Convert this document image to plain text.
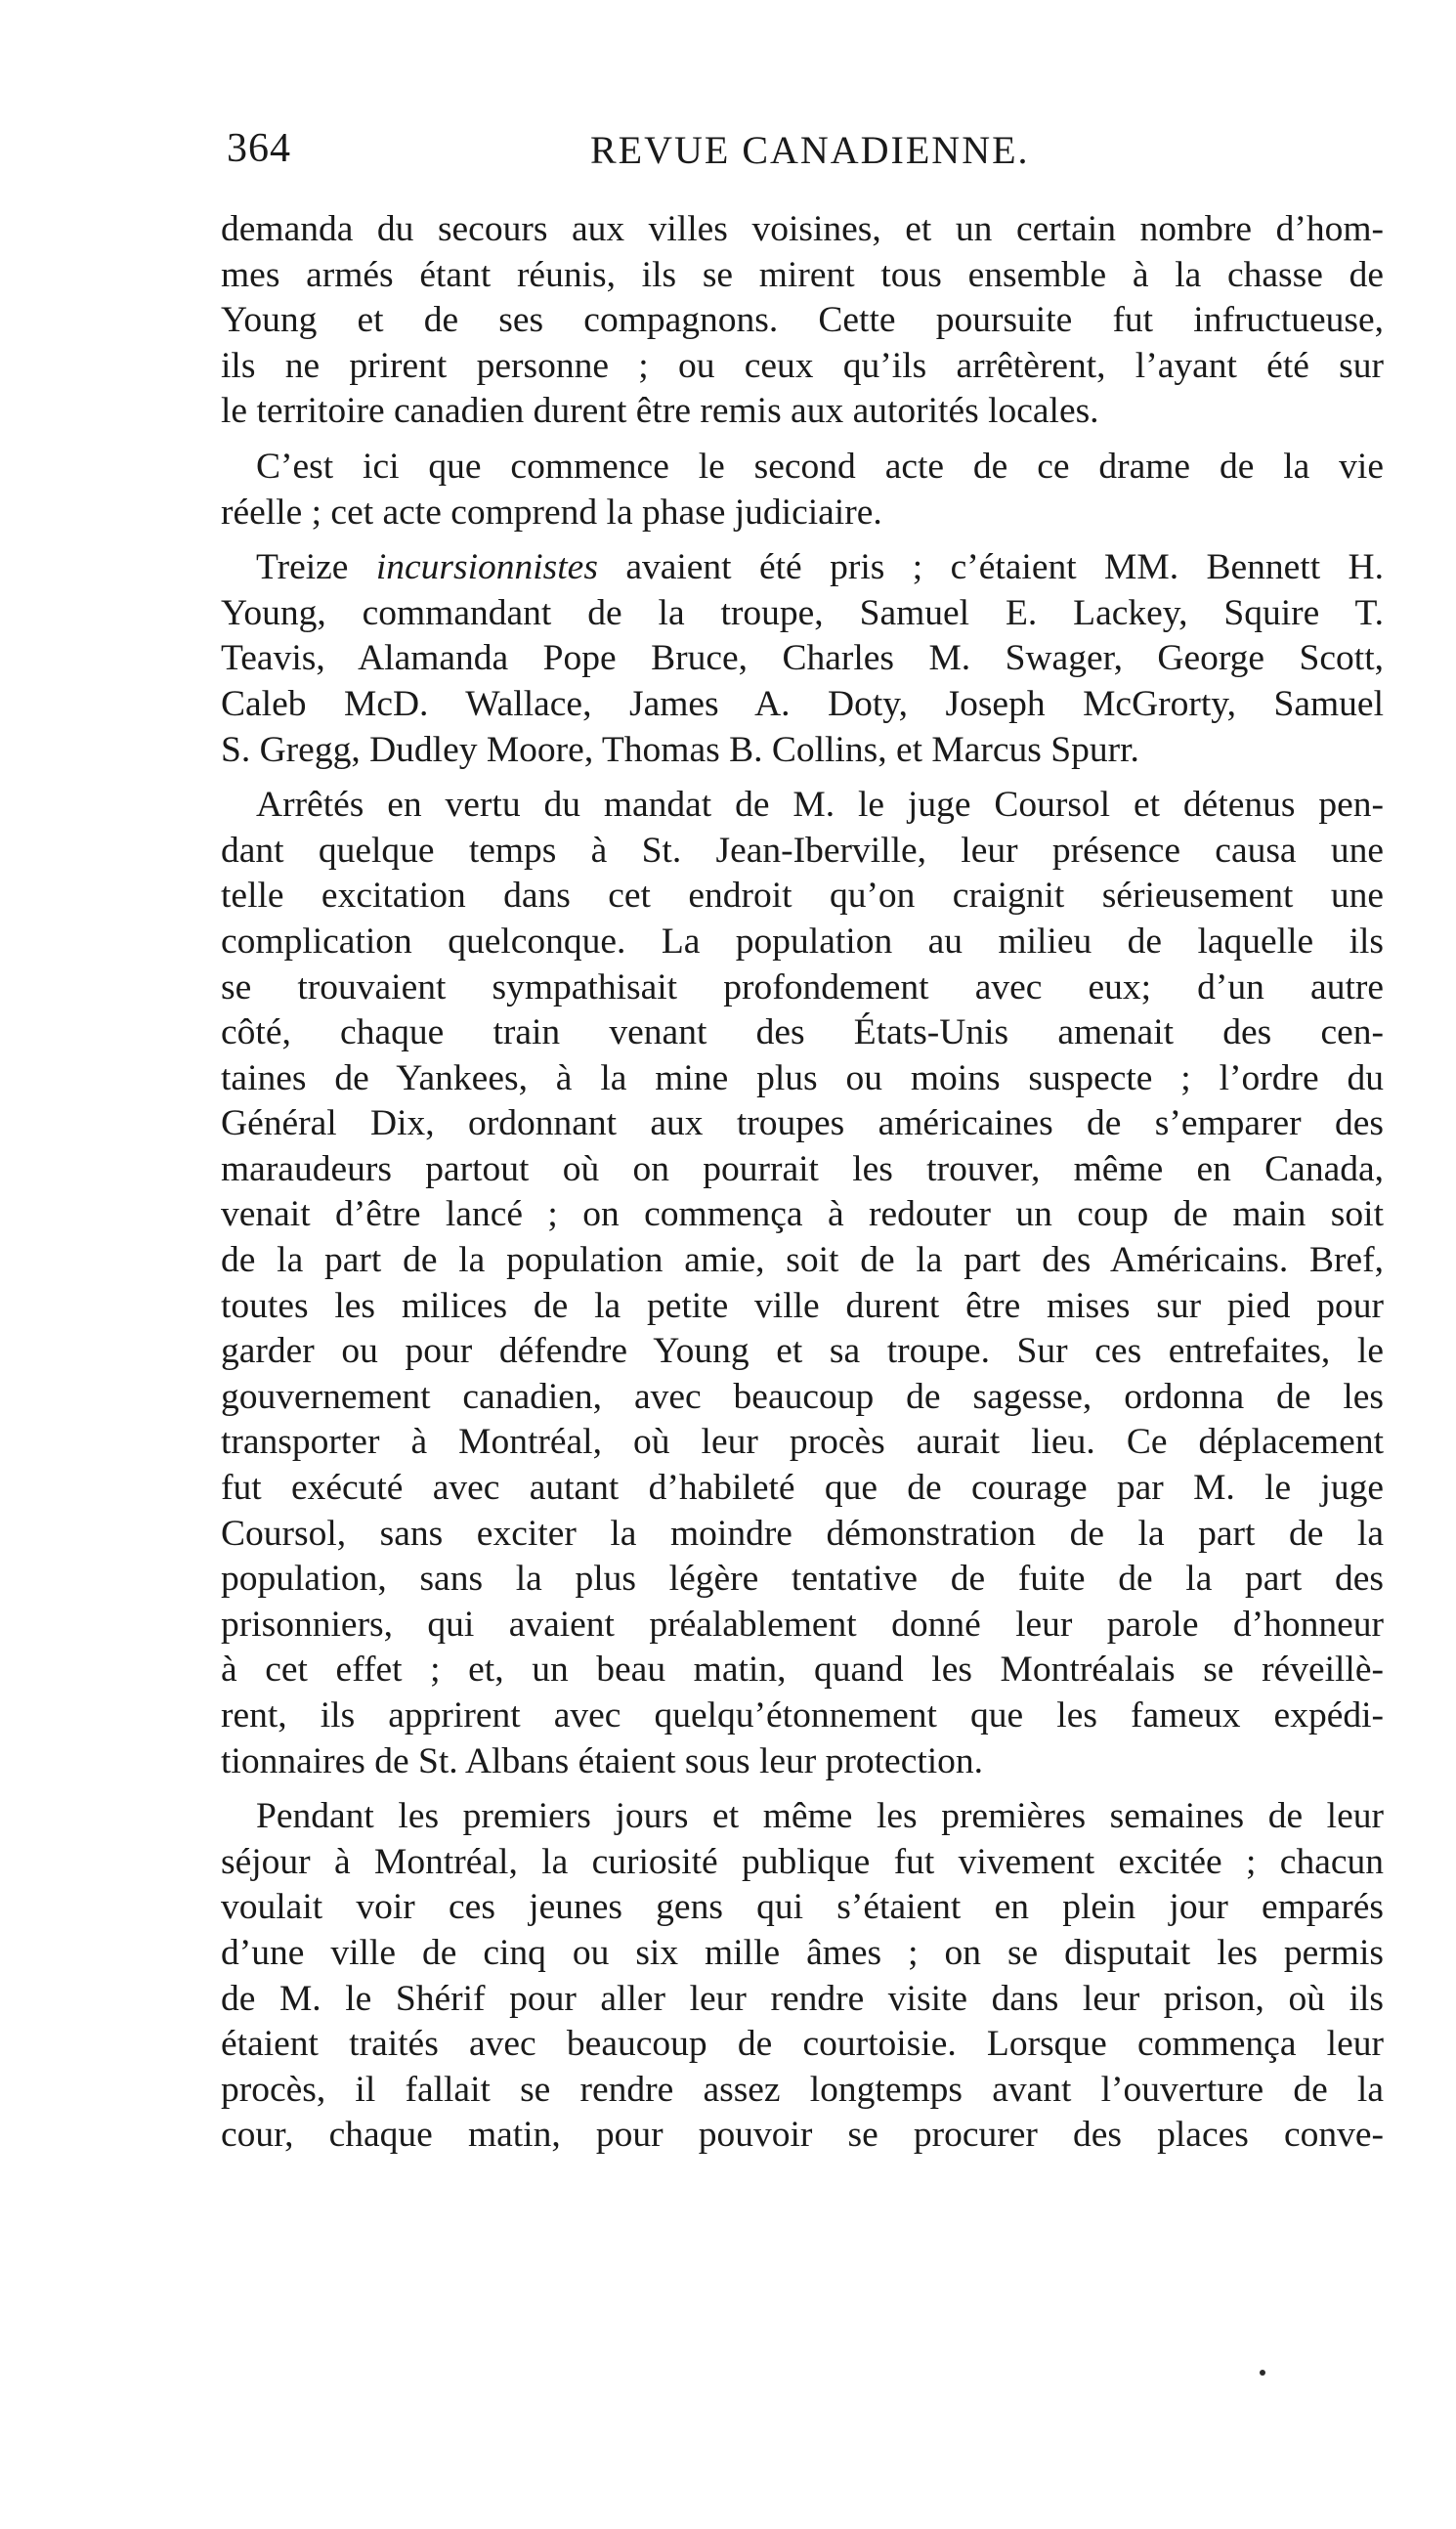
364	REVUE CANADIENNE.
demanda du secours aux villes voisines, et un certain nombre d’hom-
mes armés étant réunis, ils se mirent tous ensemble à la chasse de
Young et de ses compagnons. Cette poursuite fut infructueuse,
ils ne prirent personne ; ou ceux qu’ils arrêtèrent, l’ayant été sur
le territoire canadien durent être remis aux autorités locales.
C’est ici que commence le second acte de ce drame de la vie
réelle ; cet acte comprend la phase judiciaire.
Treize incursionnistes avaient été pris ; c’étaient MM. Bennett H.
Young, commandant de la troupe, Samuel E. Lackey, Squire T.
Teavis, Alamanda Pope Bruce, Charles M. Swager, George Scott,
Caleb McD. Wallace, James A. Doty, Joseph McGrorty, Samuel
S. Gregg, Dudley Moore, Thomas B. Collins, et Marcus Spurr.
Arrêtés en vertu du mandat de M. le juge Coursol et détenus pen-
dant quelque temps à St. Jean-Iberville, leur présence causa une
telle excitation dans cet endroit qu’on craignit sérieusement une
complication quelconque. La population au milieu de laquelle ils
se trouvaient sympathisait profondement avec eux; d’un autre
côté, chaque train venant des États-Unis amenait des cen-
taines de Yankees, à la mine plus ou moins suspecte ; l’ordre du
Général Dix, ordonnant aux troupes américaines de s’emparer des
maraudeurs partout où on pourrait les trouver, même en Canada,
venait d’être lancé ; on commença à redouter un coup de main soit
de la part de la population amie, soit de la part des Américains. Bref,
toutes les milices de la petite ville durent être mises sur pied pour
garder ou pour défendre Young et sa troupe. Sur ces entrefaites, le
gouvernement canadien, avec beaucoup de sagesse, ordonna de les
transporter à Montréal, où leur procès aurait lieu. Ce déplacement
fut exécuté avec autant d’habileté que de courage par M. le juge
Coursol, sans exciter la moindre démonstration de la part de la
population, sans la plus légère tentative de fuite de la part des
prisonniers, qui avaient préalablement donné leur parole d’honneur
à cet effet ; et, un beau matin, quand les Montréalais se réveillè-
rent, ils apprirent avec quelqu’étonnement que les fameux expédi-
tionnaires de St. Albans étaient sous leur protection.
Pendant les premiers jours et même les premières semaines de leur
séjour à Montréal, la curiosité publique fut vivement excitée ; chacun
voulait voir ces jeunes gens qui s’étaient en plein jour emparés
d’une ville de cinq ou six mille âmes ; on se disputait les permis
de M. le Shérif pour aller leur rendre visite dans leur prison, où ils
étaient traités avec beaucoup de courtoisie. Lorsque commença leur
procès, il fallait se rendre assez longtemps avant l’ouverture de la
cour, chaque matin, pour pouvoir se procurer des places conve-
